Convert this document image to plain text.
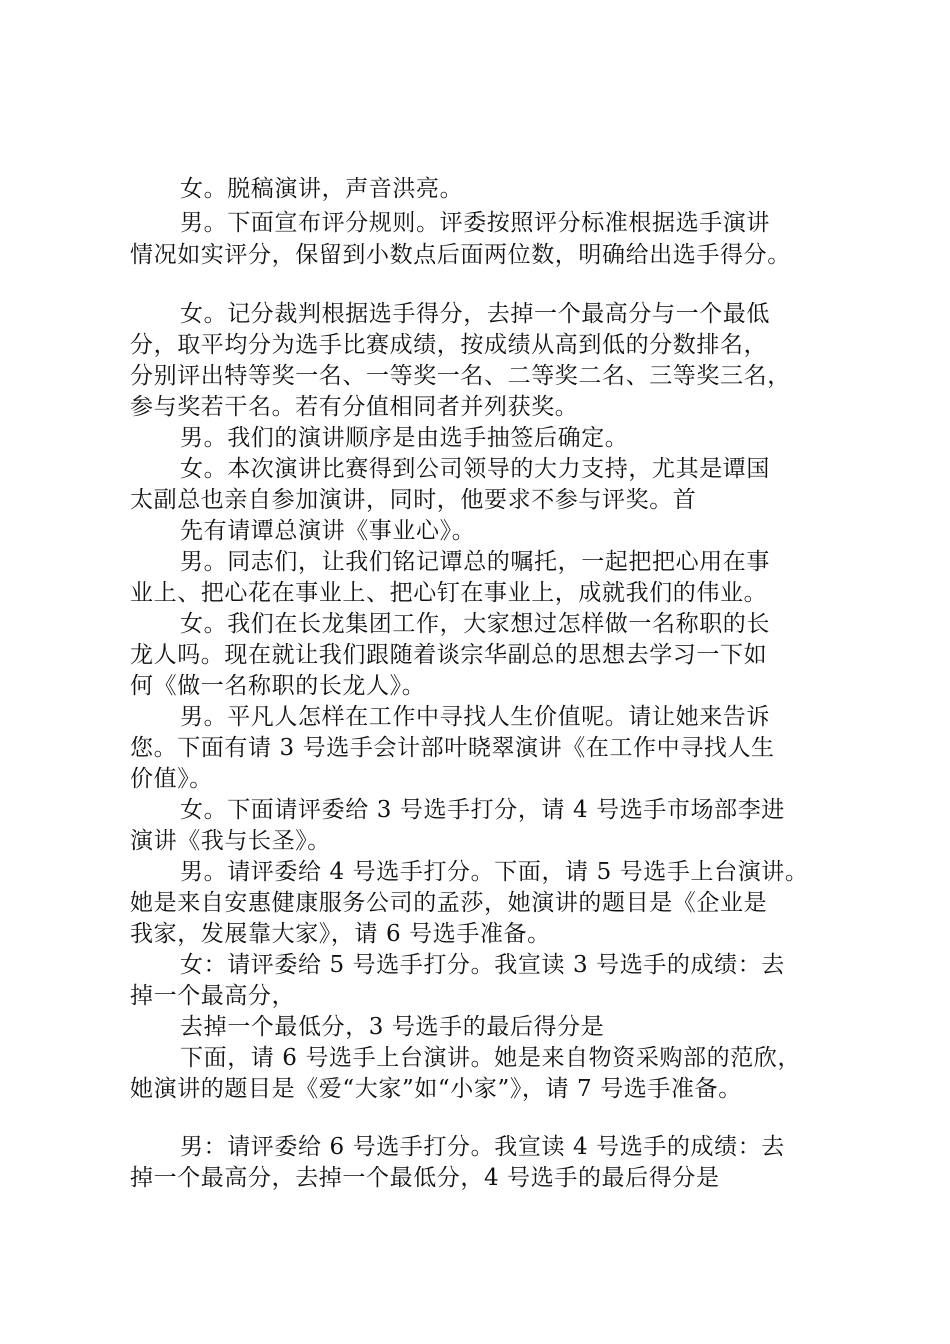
女。脱稿演讲，声音洪亮。
男。下面宣布评分规则。评委按照评分标准根据选手演讲
情况如实评分，保留到小数点后面两位数，明确给出选手得分。
女。记分裁判根据选手得分，去掉一个最高分与一个最低
分，取平均分为选手比赛成绩，按成绩从高到低的分数排名，
分别评出特等奖一名、一等奖一名、二等奖二名、三等奖三名，
参与奖若干名。若有分值相同者并列获奖。
男。我们的演讲顺序是由选手抽签后确定。
女。本次演讲比赛得到公司领导的大力支持，尤其是谭国
太副总也亲自参加演讲，同时，他要求不参与评奖。首
先有请谭总演讲《事业心》。
男。同志们，让我们铭记谭总的嘱托，一起把把心用在事
业上、把心花在事业上、把心钉在事业上，成就我们的伟业。
女。我们在长龙集团工作，大家想过怎样做一名称职的长
龙人吗。现在就让我们跟随着谈宗华副总的思想去学习一下如
何《做一名称职的长龙人》。
男。平凡人怎样在工作中寻找人生价值呢。请让她来告诉
您。下面有请 3 号选手会计部叶晓翠演讲《在工作中寻找人生
价值》。
女。下面请评委给 3 号选手打分，请 4 号选手市场部李进
演讲《我与长圣》。
男。请评委给 4 号选手打分。下面，请 5 号选手上台演讲。
她是来自安惠健康服务公司的孟莎，她演讲的题目是《企业是
我家，发展靠大家》，请 6 号选手准备。
女：请评委给 5 号选手打分。我宣读 3 号选手的成绩：去
掉一个最高分，
去掉一个最低分，3 号选手的最后得分是
下面，请 6 号选手上台演讲。她是来自物资采购部的范欣，
她演讲的题目是《爱“大家”如“小家”》，请 7 号选手准备。
男：请评委给 6 号选手打分。我宣读 4 号选手的成绩：去
掉一个最高分，去掉一个最低分，4 号选手的最后得分是
